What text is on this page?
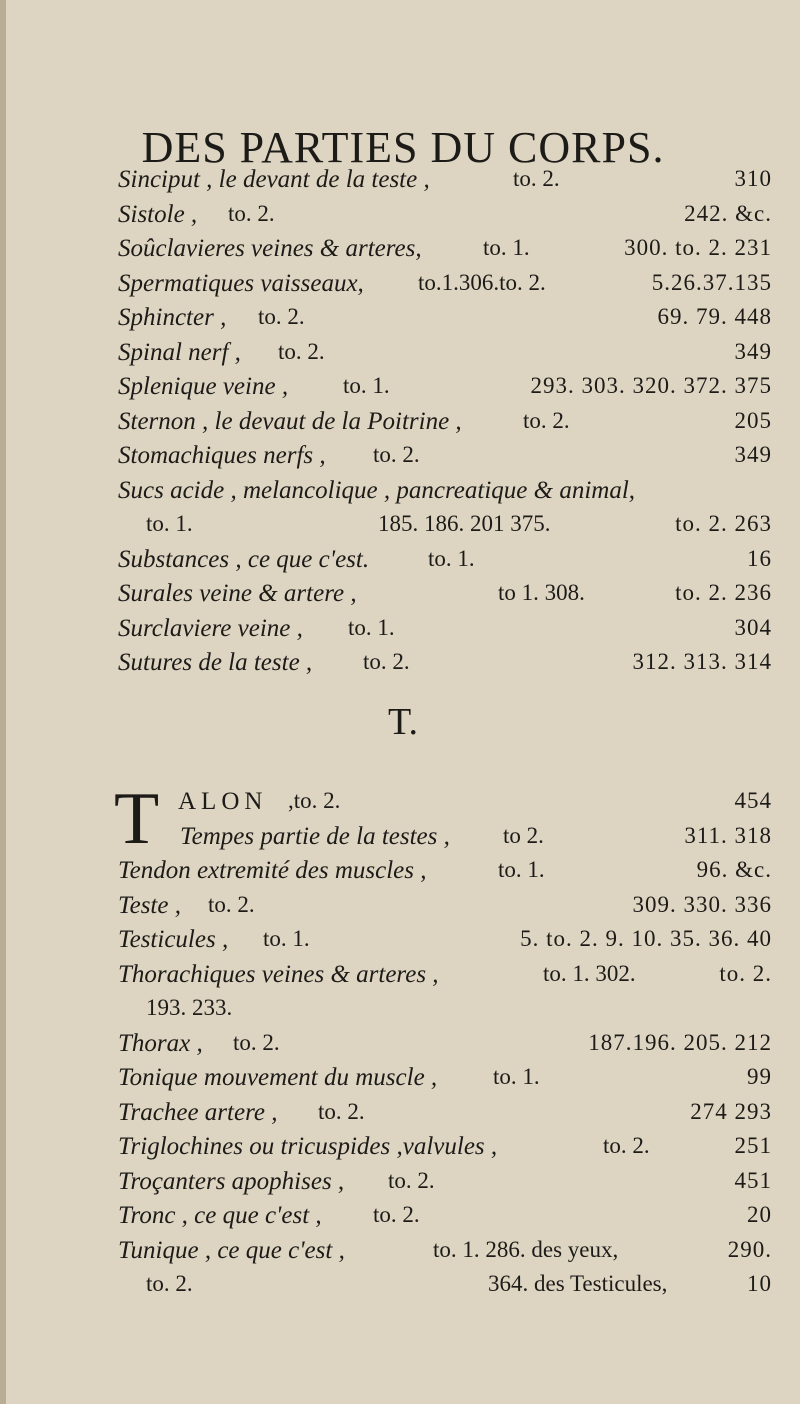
DES PARTIES DU CORPS.
Sinciput , le devant de la teste ,	to. 2.	310
Sistole , to. 2.	242. &c.
Soûclavieres veines & arteres,	to. 1.	300. to. 2. 231
Spermatiques vaisseaux, to.1.306.to. 2.	5.26.37.135
Sphincter , to. 2.	69. 79. 448
Spinal nerf , to. 2.	349
Splenique veine , to. 1.	293. 303. 320. 372. 375
Sternon , le devaut de la Poitrine ,	to. 2.	205
Stomachiques nerfs , to. 2.	349
Sucs acide , melancolique , pancreatique & animal,
to. 1.	185. 186. 201 375.	to. 2. 263
Substances , ce que c'est.	to. 1.	16
Surales veine & artere ,	to 1. 308.	to. 2. 236
Surclaviere veine , to. 1.	304
Sutures de la teste , to. 2.	312. 313. 314
T.
T ALON ,to. 2.	454
Tempes partie de la testes , to 2.	311. 318
Tendon extremité des muscles ,	to. 1.	96. &c.
Teste , to. 2.	309. 330. 336
Testicules , to. 1.	5. to. 2. 9. 10. 35. 36. 40
Thorachiques veines & arteres ,	to. 1. 302.	to. 2.
193. 233.
Thorax , to. 2.	187.196. 205. 212
Tonique mouvement du muscle , to. 1.	99
Trachee artere , to. 2.	274 293
Triglochines ou tricuspides ,valvules ,	to. 2.	251
Troçanters apophises , to. 2.	451
Tronc , ce que c'est , to. 2.	20
Tunique , ce que c'est ,	to. 1. 286. des yeux,	290.
to. 2.	364. des Testicules,	10
